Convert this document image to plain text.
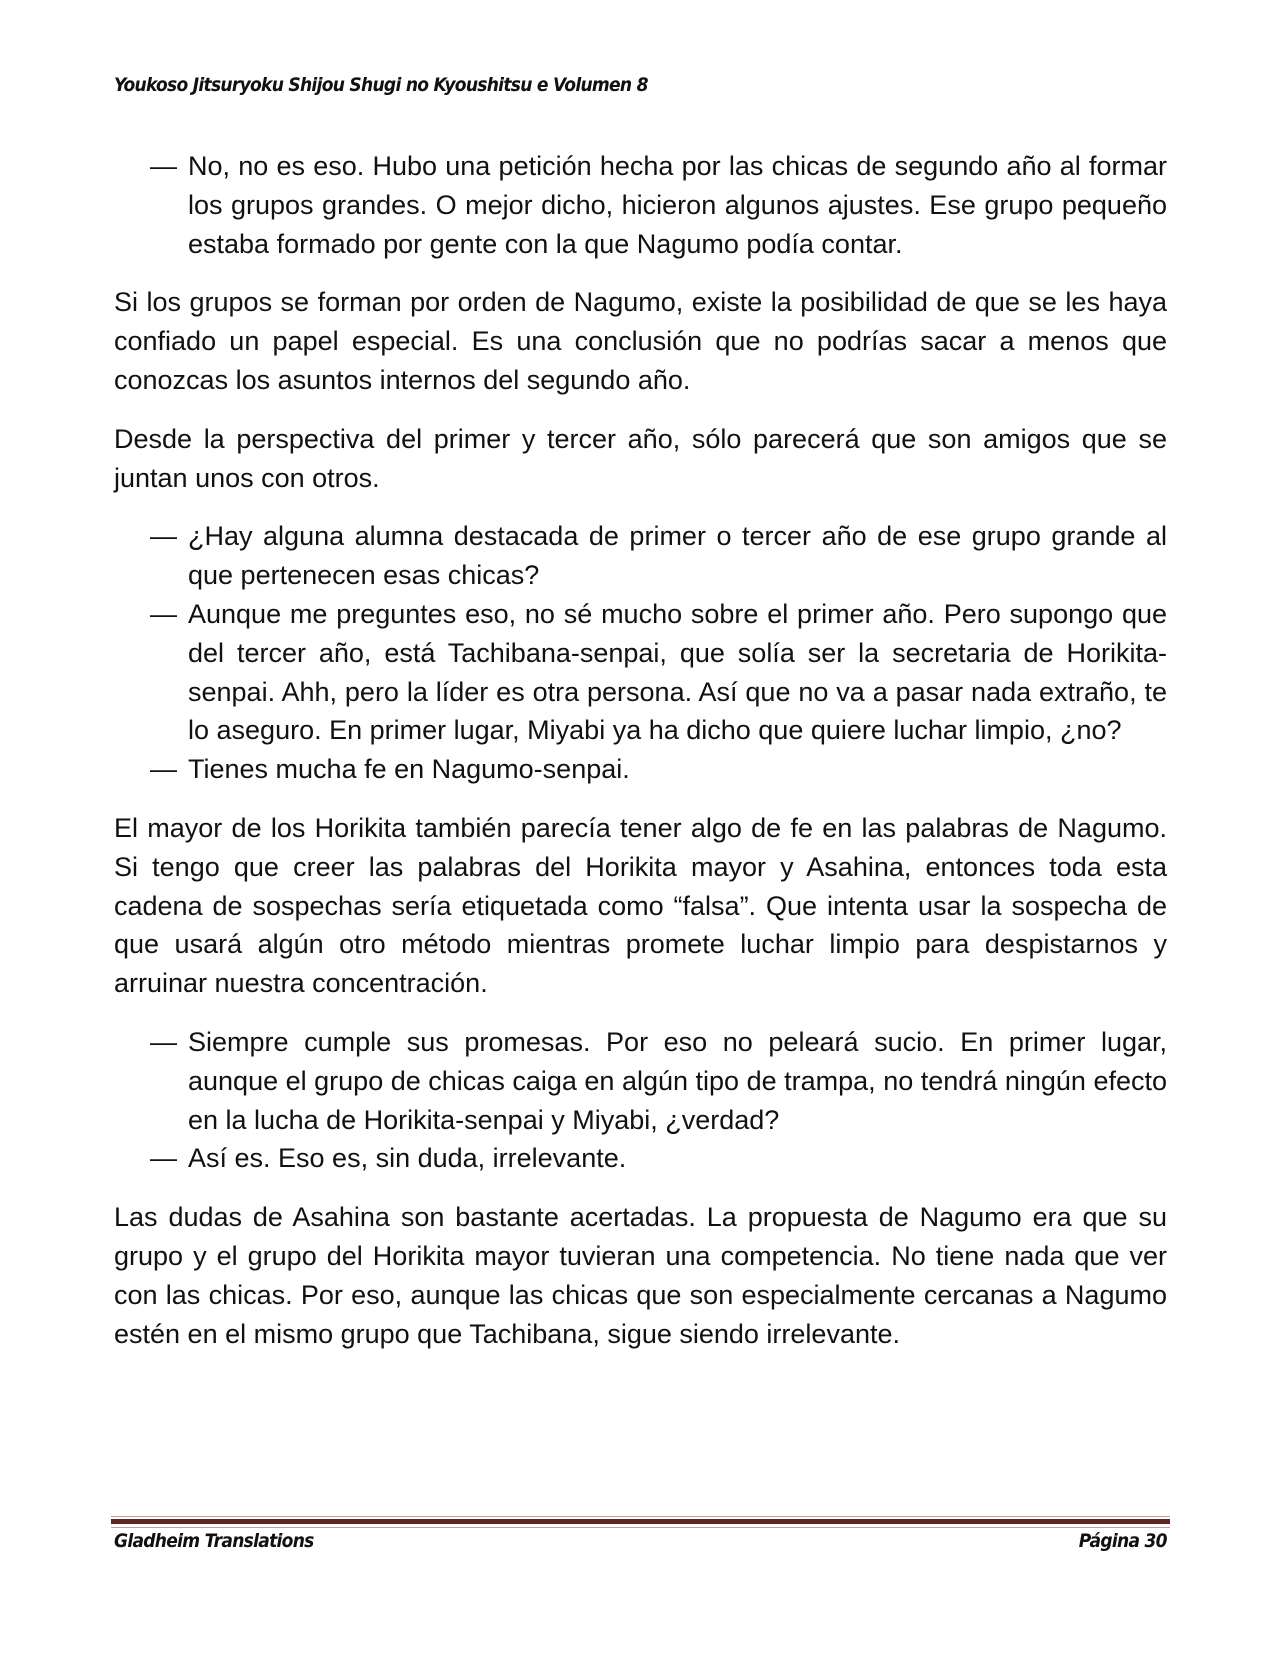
Youkoso Jitsuryoku Shijou Shugi no Kyoushitsu e Volumen 8
— No, no es eso. Hubo una petición hecha por las chicas de segundo año al formar los grupos grandes. O mejor dicho, hicieron algunos ajustes. Ese grupo pequeño estaba formado por gente con la que Nagumo podía contar.

Si los grupos se forman por orden de Nagumo, existe la posibilidad de que se les haya confiado un papel especial. Es una conclusión que no podrías sacar a menos que conozcas los asuntos internos del segundo año.

Desde la perspectiva del primer y tercer año, sólo parecerá que son amigos que se juntan unos con otros.

— ¿Hay alguna alumna destacada de primer o tercer año de ese grupo grande al que pertenecen esas chicas?
— Aunque me preguntes eso, no sé mucho sobre el primer año. Pero supongo que del tercer año, está Tachibana-senpai, que solía ser la secretaria de Horikita-senpai. Ahh, pero la líder es otra persona. Así que no va a pasar nada extraño, te lo aseguro. En primer lugar, Miyabi ya ha dicho que quiere luchar limpio, ¿no?
— Tienes mucha fe en Nagumo-senpai.

El mayor de los Horikita también parecía tener algo de fe en las palabras de Nagumo. Si tengo que creer las palabras del Horikita mayor y Asahina, entonces toda esta cadena de sospechas sería etiquetada como “falsa”. Que intenta usar la sospecha de que usará algún otro método mientras promete luchar limpio para despistarnos y arruinar nuestra concentración.

— Siempre cumple sus promesas. Por eso no peleará sucio. En primer lugar, aunque el grupo de chicas caiga en algún tipo de trampa, no tendrá ningún efecto en la lucha de Horikita-senpai y Miyabi, ¿verdad?
— Así es. Eso es, sin duda, irrelevante.

Las dudas de Asahina son bastante acertadas. La propuesta de Nagumo era que su grupo y el grupo del Horikita mayor tuvieran una competencia. No tiene nada que ver con las chicas. Por eso, aunque las chicas que son especialmente cercanas a Nagumo estén en el mismo grupo que Tachibana, sigue siendo irrelevante.

Gladheim Translations	Página 30
